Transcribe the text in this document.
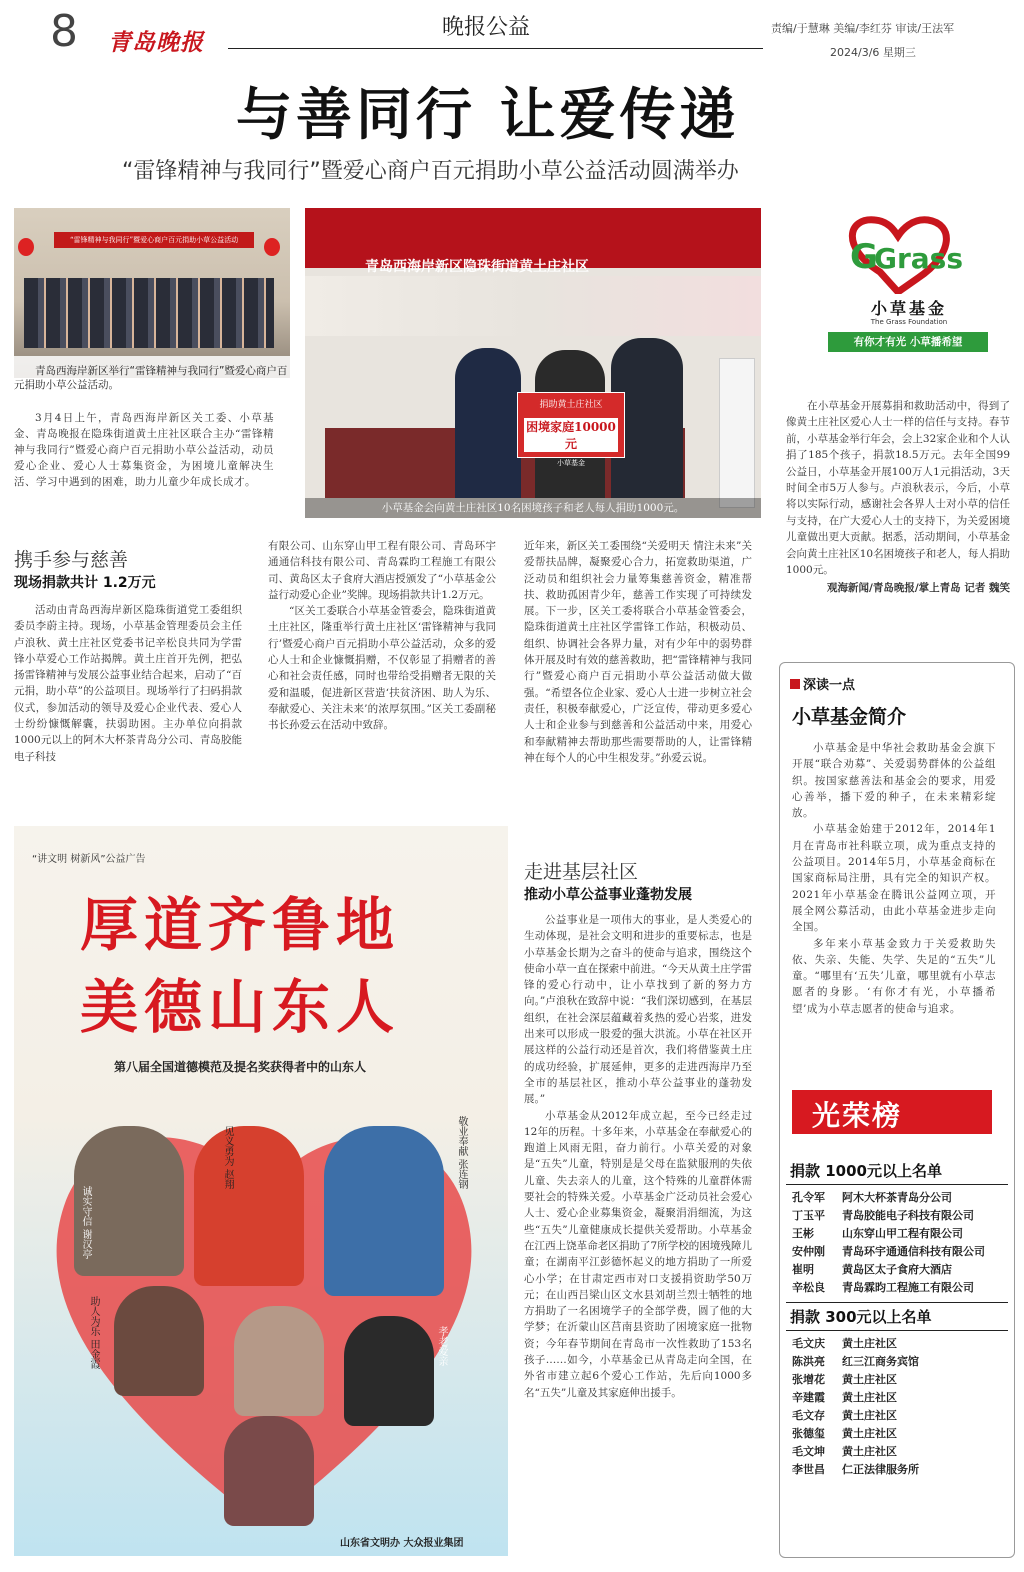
8 青岛晚报
晚报公益	责编/于慧琳 美编/李红芬 审读/王法军
2024/3/6 星期三
与善同行 让爱传递
“雷锋精神与我同行”暨爱心商户百元捐助小草公益活动圆满举办
“雷锋精神与我同行”暨爱心商户百元捐助小草公益活动
青岛西海岸新区举行“雷锋精神与我同行”暨爱心商户百元捐助小草公益活动。

3月4日上午，青岛西海岸新区关工委、小草基金、青岛晚报在隐珠街道黄土庄社区联合主办“雷锋精神与我同行”暨爱心商户百元捐助小草公益活动，动员爱心企业、爱心人士募集资金，为困境儿童解决生活、学习中遇到的困难，助力儿童少年成长成才。

青岛西海岸新区隐珠街道黄土庄社区
捐助黄土庄社区
困境家庭10000元
小草基金
小草基金会向黄土庄社区10名困境孩子和老人每人捐助1000元。
G
Grass
小草基金
The Grass Foundation
有你才有光 小草播希望

在小草基金开展募捐和救助活动中，得到了像黄土庄社区爱心人士一样的信任与支持。春节前，小草基金举行年会，会上32家企业和个人认捐了185个孩子，捐款18.5万元。去年全国99公益日，小草基金开展100万人1元捐活动，3天时间全市5万人参与。卢浪秋表示，今后，小草将以实际行动，感谢社会各界人士对小草的信任与支持，在广大爱心人士的支持下，为关爱困境儿童做出更大贡献。据悉，活动期间，小草基金会向黄土庄社区10名困境孩子和老人，每人捐助1000元。

观海新闻/青岛晚报/掌上青岛 记者 魏笑
携手参与慈善
现场捐款共计 1.2万元

活动由青岛西海岸新区隐珠街道党工委组织委员李蔚主持。现场，小草基金管理委员会主任卢浪秋、黄土庄社区党委书记辛松良共同为学雷锋小草爱心工作站揭牌。黄土庄首开先例，把弘扬雷锋精神与发展公益事业结合起来，启动了“百元捐，助小草”的公益项目。现场举行了扫码捐款仪式，参加活动的领导及爱心企业代表、爱心人士纷纷慷慨解囊，扶弱助困。主办单位向捐款1000元以上的阿木大杯茶青岛分公司、青岛胶能电子科技

有限公司、山东穿山甲工程有限公司、青岛环宇通通信科技有限公司、青岛霖昀工程施工有限公司、黄岛区太子食府大酒店授颁发了“小草基金公益行动爱心企业”奖牌。现场捐款共计1.2万元。

“区关工委联合小草基金管委会，隐珠街道黄土庄社区，隆重举行黄土庄社区‘雷锋精神与我同行’暨爱心商户百元捐助小草公益活动，众多的爱心人士和企业慷慨捐赠，不仅彰显了捐赠者的善心和社会责任感，同时也带给受捐赠者无限的关爱和温暖，促进新区营造‘扶贫济困、助人为乐、奉献爱心、关注未来’的浓厚氛围。”区关工委副秘书长孙爱云在活动中致辞。

近年来，新区关工委围绕“关爱明天 情注未来”关爱帮扶品牌，凝聚爱心合力，拓宽救助渠道，广泛动员和组织社会力量筹集慈善资金，精准帮扶、救助孤困青少年，慈善工作实现了可持续发展。下一步，区关工委将联合小草基金管委会，隐珠街道黄土庄社区学雷锋工作站，积极动员、组织、协调社会各界力量，对有少年中的弱势群体开展及时有效的慈善救助，把“雷锋精神与我同行”暨爱心商户百元捐助小草公益活动做大做强。“希望各位企业家、爱心人士进一步树立社会责任，积极奉献爱心，广泛宣传，带动更多爱心人士和企业参与到慈善和公益活动中来，用爱心和奉献精神去帮助那些需要帮助的人，让雷锋精神在每个人的心中生根发芽。”孙爱云说。

走进基层社区
推动小草公益事业蓬勃发展

公益事业是一项伟大的事业，是人类爱心的生动体现，是社会文明和进步的重要标志，也是小草基金长期为之奋斗的使命与追求，围绕这个使命小草一直在探索中前进。“今天从黄土庄学雷锋的爱心行动中，让小草找到了新的努力方向。”卢浪秋在致辞中说：“我们深切感到，在基层组织，在社会深层蕴藏着炙热的爱心岩浆，进发出来可以形成一股爱的强大洪流。小草在社区开展这样的公益行动还是首次，我们将借鉴黄土庄的成功经验，扩展延伸，更多的走进西海岸乃至全市的基层社区，推动小草公益事业的蓬勃发展。”

小草基金从2012年成立起，至今已经走过12年的历程。十多年来，小草基金在奉献爱心的跑道上风雨无阻，奋力前行。小草关爱的对象是“五失”儿童，特别是是父母在监狱服刑的失依儿童、失去亲人的儿童，这个特殊的儿童群体需要社会的特殊关爱。小草基金广泛动员社会爱心人士、爱心企业募集资金，凝聚涓涓细流，为这些“五失”儿童健康成长提供关爱帮助。小草基金在江西上饶革命老区捐助了7所学校的困境残障儿童；在湖南平江彭德怀起义的地方捐助了一所爱心小学；在甘肃定西市对口支援捐资助学50万元；在山西吕梁山区文水县刘胡兰烈士牺牲的地方捐助了一名困境学子的全部学费，圆了他的大学梦；在沂蒙山区莒南县资助了困境家庭一批物资；今年春节期间在青岛市一次性救助了153名孩子……如今，小草基金已从青岛走向全国，在外省市建立起6个爱心工作站，先后向1000多名“五失”儿童及其家庭伸出援手。

“讲文明 树新风”公益广告
厚道齐鲁地
美德山东人
第八届全国道德模范及提名奖获得者中的山东人
诚实守信 谢汉亭
见义勇为 赵翔	敬业奉献 张连钢
助人为乐 田金霞	孝老爱亲
山东省文明办 大众报业集团
深读一点
小草基金简介

小草基金是中华社会救助基金会旗下开展“联合劝募”、关爱弱势群体的公益组织。按国家慈善法和基金会的要求，用爱心善举，播下爱的种子，在未来精彩绽放。

小草基金始建于2012年，2014年1月在青岛市社科联立项，成为重点支持的公益项目。2014年5月，小草基金商标在国家商标局注册，具有完全的知识产权。2021年小草基金在腾讯公益网立项，开展全网公募活动，由此小草基金进步走向全国。

多年来小草基金致力于关爱救助失依、失亲、失能、失学、失足的“五失”儿童。“哪里有‘五失’儿童，哪里就有小草志愿者的身影。‘有你才有光，小草播希望’成为小草志愿者的使命与追求。

光荣榜
捐款 1000元以上名单
孔令军 阿木大杯茶青岛分公司
丁玉平 青岛胶能电子科技有限公司
王彬	山东穿山甲工程有限公司
安仲刚 青岛环宇通通信科技有限公司
崔明	黄岛区太子食府大酒店
辛松良 青岛霖昀工程施工有限公司
捐款 300元以上名单
毛文庆 黄土庄社区
陈洪亮 红三江商务宾馆
张增花 黄土庄社区
辛建霞 黄土庄社区
毛文存 黄土庄社区
张德玺 黄土庄社区
毛文坤 黄土庄社区
李世昌 仁正法律服务所
